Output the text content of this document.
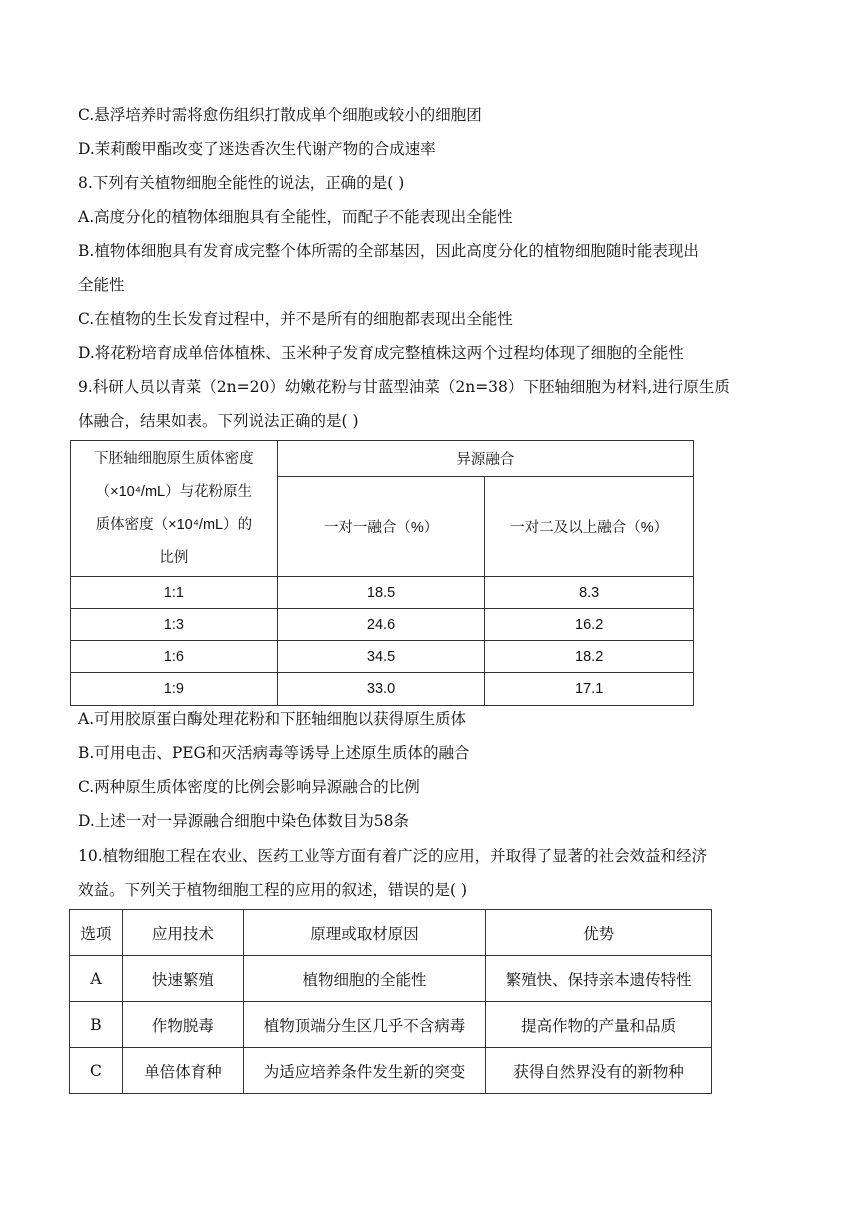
C.悬浮培养时需将愈伤组织打散成单个细胞或较小的细胞团
D.茉莉酸甲酯改变了迷迭香次生代谢产物的合成速率
8.下列有关植物细胞全能性的说法，正确的是( )
A.高度分化的植物体细胞具有全能性，而配子不能表现出全能性
B.植物体细胞具有发育成完整个体所需的全部基因，因此高度分化的植物细胞随时能表现出
全能性
C.在植物的生长发育过程中，并不是所有的细胞都表现出全能性
D.将花粉培育成单倍体植株、玉米种子发育成完整植株这两个过程均体现了细胞的全能性
9.科研人员以青菜（2n=20）幼嫩花粉与甘蓝型油菜（2n=38）下胚轴细胞为材料,进行原生质
体融合，结果如表。下列说法正确的是( )
下胚轴细胞原生质体密度
（×10⁴/mL）与花粉原生
质体密度（×10⁴/mL）的
比例	异源融合	
	一对一融合（%）	一对二及以上融合（%）
1:1	18.5	8.3
1:3	24.6	16.2
1:6	34.5	18.2
1:9	33.0	17.1
A.可用胶原蛋白酶处理花粉和下胚轴细胞以获得原生质体
B.可用电击、PEG和灭活病毒等诱导上述原生质体的融合
C.两种原生质体密度的比例会影响异源融合的比例
D.上述一对一异源融合细胞中染色体数目为58条
10.植物细胞工程在农业、医药工业等方面有着广泛的应用，并取得了显著的社会效益和经济
效益。下列关于植物细胞工程的应用的叙述，错误的是( )
选项	应用技术	原理或取材原因	优势
A	快速繁殖	植物细胞的全能性	繁殖快、保持亲本遗传特性
B	作物脱毒	植物顶端分生区几乎不含病毒	提高作物的产量和品质
C	单倍体育种	为适应培养条件发生新的突变	获得自然界没有的新物种
